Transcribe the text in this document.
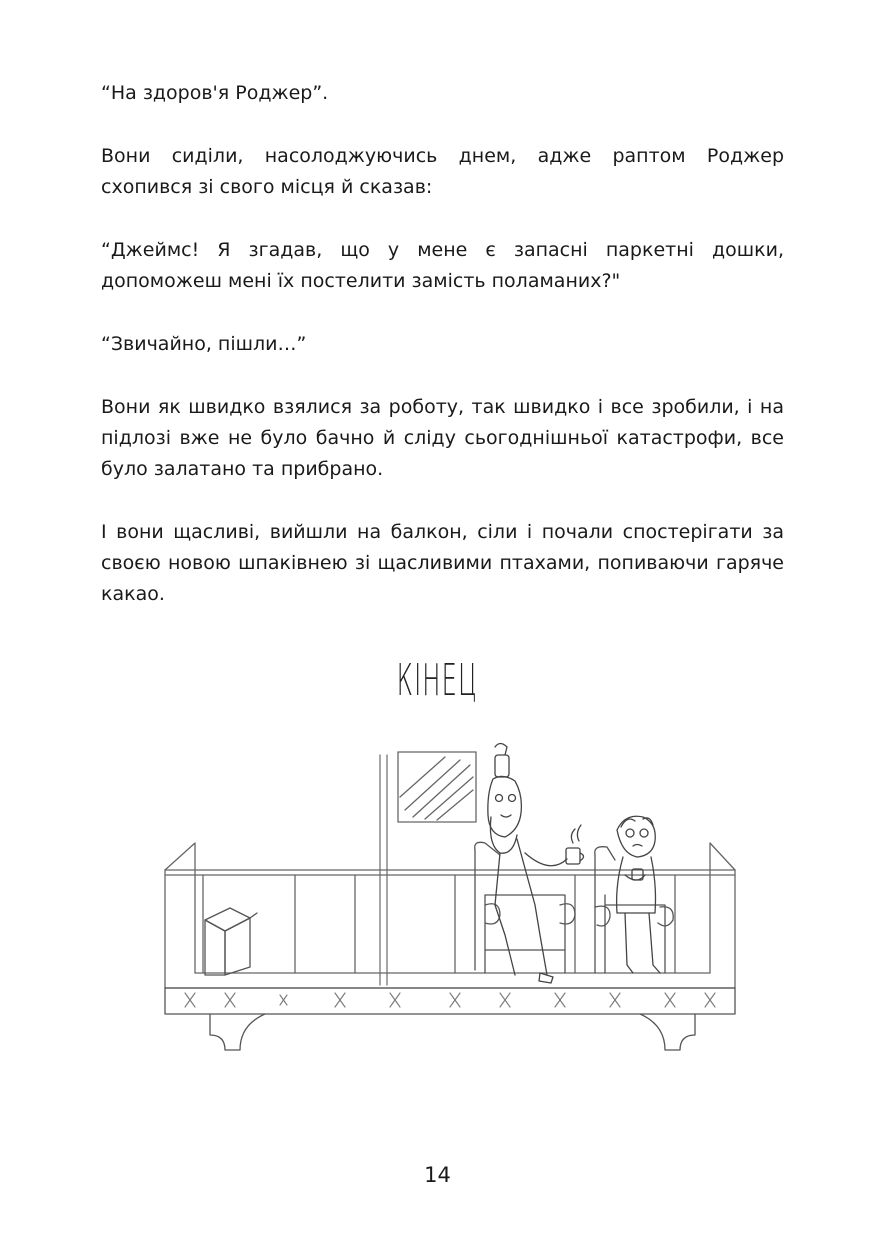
“На здоров'я Роджер”.

Вони сиділи, насолоджуючись днем, адже раптом Роджер схопився зі свого місця й сказав:

“Джеймс! Я згадав, що у мене є запасні паркетні дошки, допоможеш мені їх постелити замість поламаних?"

“Звичайно, пішли…”

Вони як швидко взялися за роботу, так швидко і все зробили, і на підлозі вже не було бачно й сліду сьогоднішньої катастрофи, все було залатано та прибрано.

І вони щасливі, вийшли на балкон, сіли і почали спостерігати за своєю новою шпаківнею зі щасливими птахами, попиваючи гаряче какао.

КІНЕЦ
14
